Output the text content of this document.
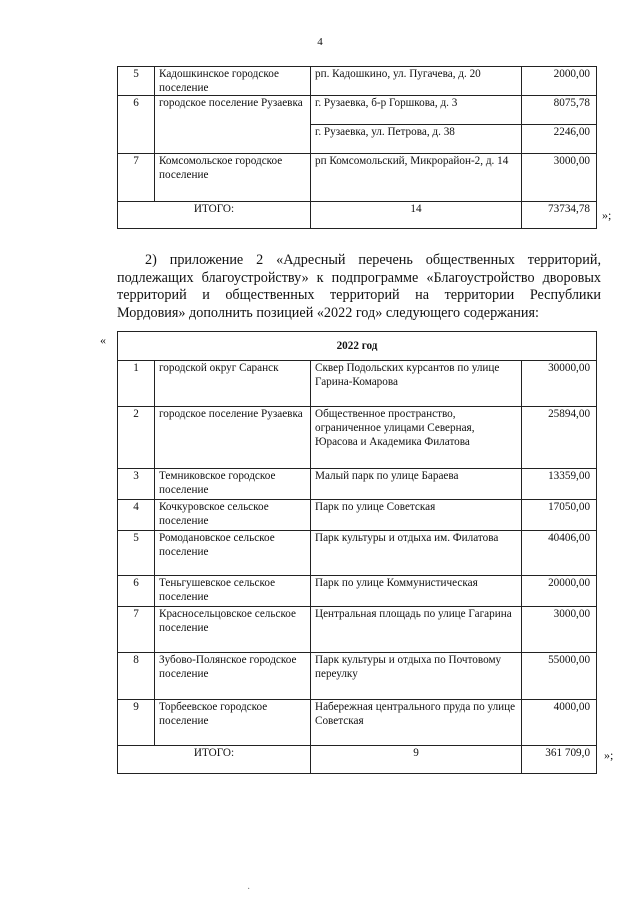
4
5	Кадошкинское городское поселение	рп. Кадошкино, ул. Пугачева, д. 20	2000,00
6	городское поселение Рузаевка	г. Рузаевка, б-р Горшкова, д. 3	8075,78
		г. Рузаевка, ул. Петрова, д. 38	2246,00
7	Комсомольское городское поселение	рп Комсомольский, Микрорайон-2, д. 14	3000,00
ИТОГО:		14	73734,78 »;

2) приложение 2 «Адресный перечень общественных территорий, подлежащих благоустройству» к подпрограмме «Благоустройство дворовых территорий и общественных территорий на территории Республики Мордовия» дополнить позицией «2022 год» следующего содержания:

«	2022 год			
1	городской округ Саранск	Сквер Подольских курсантов по улице Гарина-Комарова	30000,00
2	городское поселение Рузаевка	Общественное пространство, ограниченное улицами Северная, Юрасова и Академика Филатова	25894,00
3	Темниковское городское поселение	Малый парк по улице Бараева	13359,00
4	Кочкуровское сельское поселение	Парк по улице Советская	17050,00
5	Ромодановское сельское поселение	Парк культуры и отдыха им. Филатова	40406,00
6	Теньгушевское сельское поселение	Парк по улице Коммунистическая	20000,00
7	Красносельцовское сельское поселение	Центральная площадь по улице Гагарина	3000,00
8	Зубово-Полянское городское поселение	Парк культуры и отдыха по Почтовому переулку	55000,00
9	Торбеевское городское поселение	Набережная центрального пруда по улице Советская	4000,00
ИТОГО:		9	361 709,0 »;
·
